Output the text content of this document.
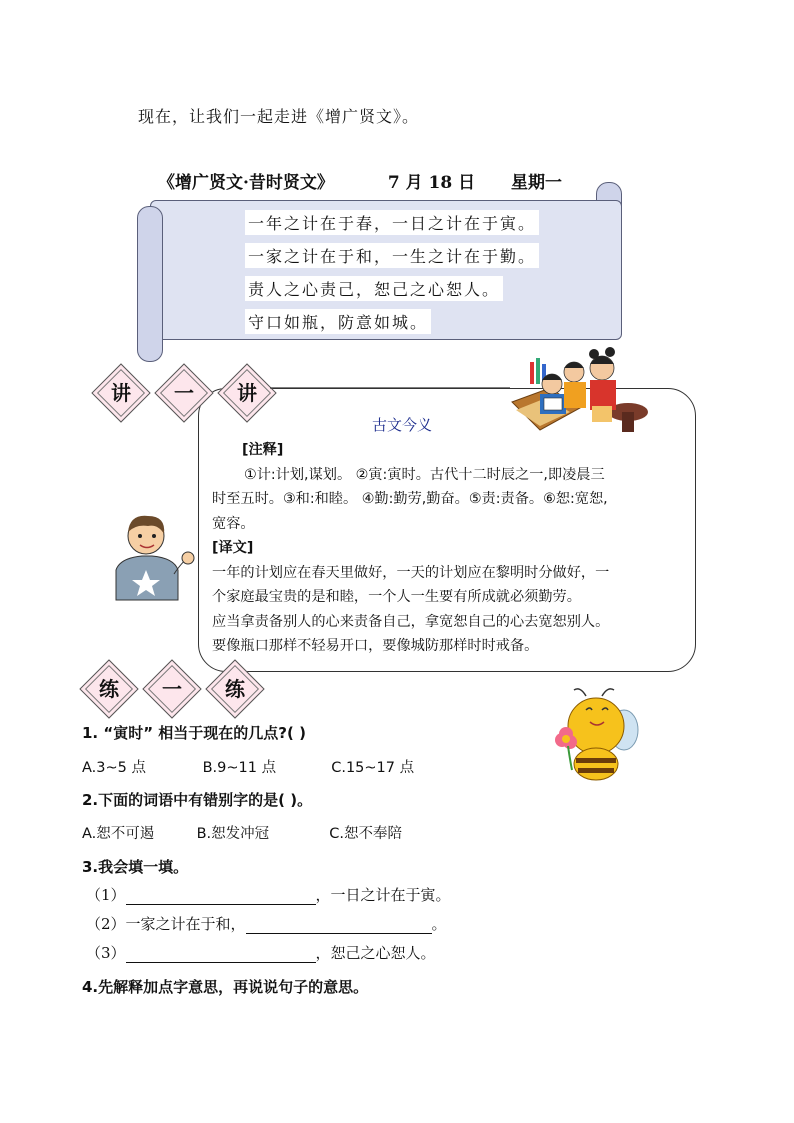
现在，让我们一起走进《增广贤文》。
《增广贤文·昔时贤文》	7 月 18 日 星期一
一年之计在于春，一日之计在于寅。
一家之计在于和，一生之计在于勤。
责人之心责己，恕己之心恕人。
守口如瓶，防意如城。
讲	一	讲
古文今义
[注释]
①计:计划,谋划。 ②寅:寅时。古代十二时辰之一,即凌晨三
时至五时。③和:和睦。 ④勤:勤劳,勤奋。⑤责:责备。⑥恕:宽恕,
宽容。
[译文]
一年的计划应在春天里做好，一天的计划应在黎明时分做好，一
个家庭最宝贵的是和睦，一个人一生要有所成就必须勤劳。
应当拿责备别人的心来责备自己，拿宽恕自己的心去宽恕别人。
要像瓶口那样不轻易开口，要像城防那样时时戒备。
练	一	练
1. “寅时” 相当于现在的几点?( )
A.3~5 点	B.9~11 点	C.15~17 点
2.下面的词语中有错别字的是( )。
A.恕不可遏	B.恕发冲冠	C.恕不奉陪
3.我会填一填。
（1）	，一日之计在于寅。
（2）一家之计在于和，	。
（3）	，恕己之心恕人。
4.先解释加点字意思，再说说句子的意思。
